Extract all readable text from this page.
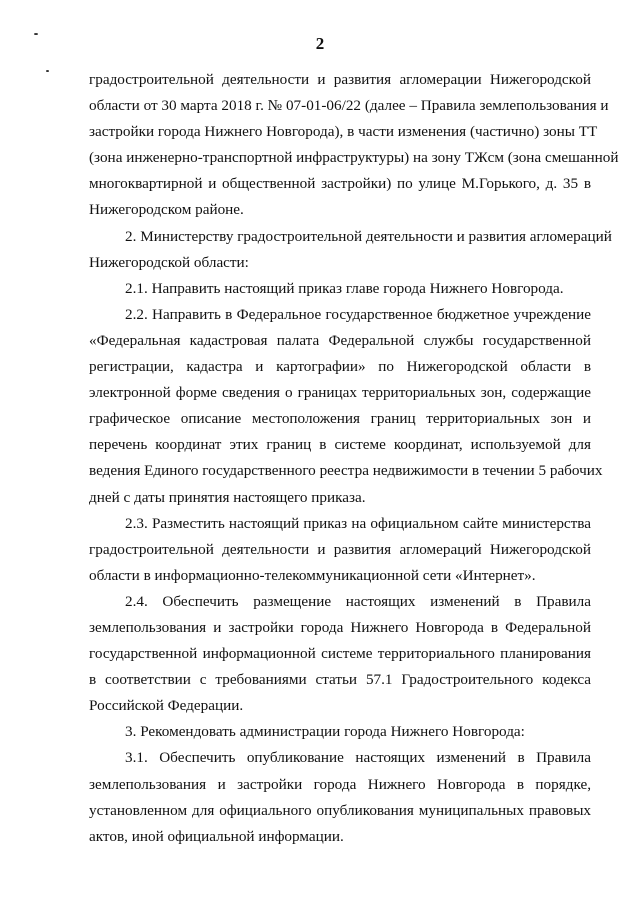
2
градостроительной деятельности и развития агломерации Нижегородской
области от 30 марта 2018 г. № 07-01-06/22 (далее – Правила землепользования и
застройки города Нижнего Новгорода), в части изменения (частично) зоны ТТ
(зона инженерно-транспортной инфраструктуры) на зону ТЖсм (зона смешанной
многоквартирной и общественной застройки) по улице М.Горького, д. 35 в
Нижегородском районе.
2. Министерству градостроительной деятельности и развития агломераций
Нижегородской области:
2.1. Направить настоящий приказ главе города Нижнего Новгорода.
2.2. Направить в Федеральное государственное бюджетное учреждение
«Федеральная кадастровая палата Федеральной службы государственной
регистрации, кадастра и картографии» по Нижегородской области в
электронной форме сведения о границах территориальных зон, содержащие
графическое описание местоположения границ территориальных зон и
перечень координат этих границ в системе координат, используемой для
ведения Единого государственного реестра недвижимости в течении 5 рабочих
дней с даты принятия настоящего приказа.
2.3. Разместить настоящий приказ на официальном сайте министерства
градостроительной деятельности и развития агломераций Нижегородской
области в информационно-телекоммуникационной сети «Интернет».
2.4. Обеспечить размещение настоящих изменений в Правила
землепользования и застройки города Нижнего Новгорода в Федеральной
государственной информационной системе территориального планирования
в соответствии с требованиями статьи 57.1 Градостроительного кодекса
Российской Федерации.
3. Рекомендовать администрации города Нижнего Новгорода:
3.1. Обеспечить опубликование настоящих изменений в Правила
землепользования и застройки города Нижнего Новгорода в порядке,
установленном для официального опубликования муниципальных правовых
актов, иной официальной информации.
